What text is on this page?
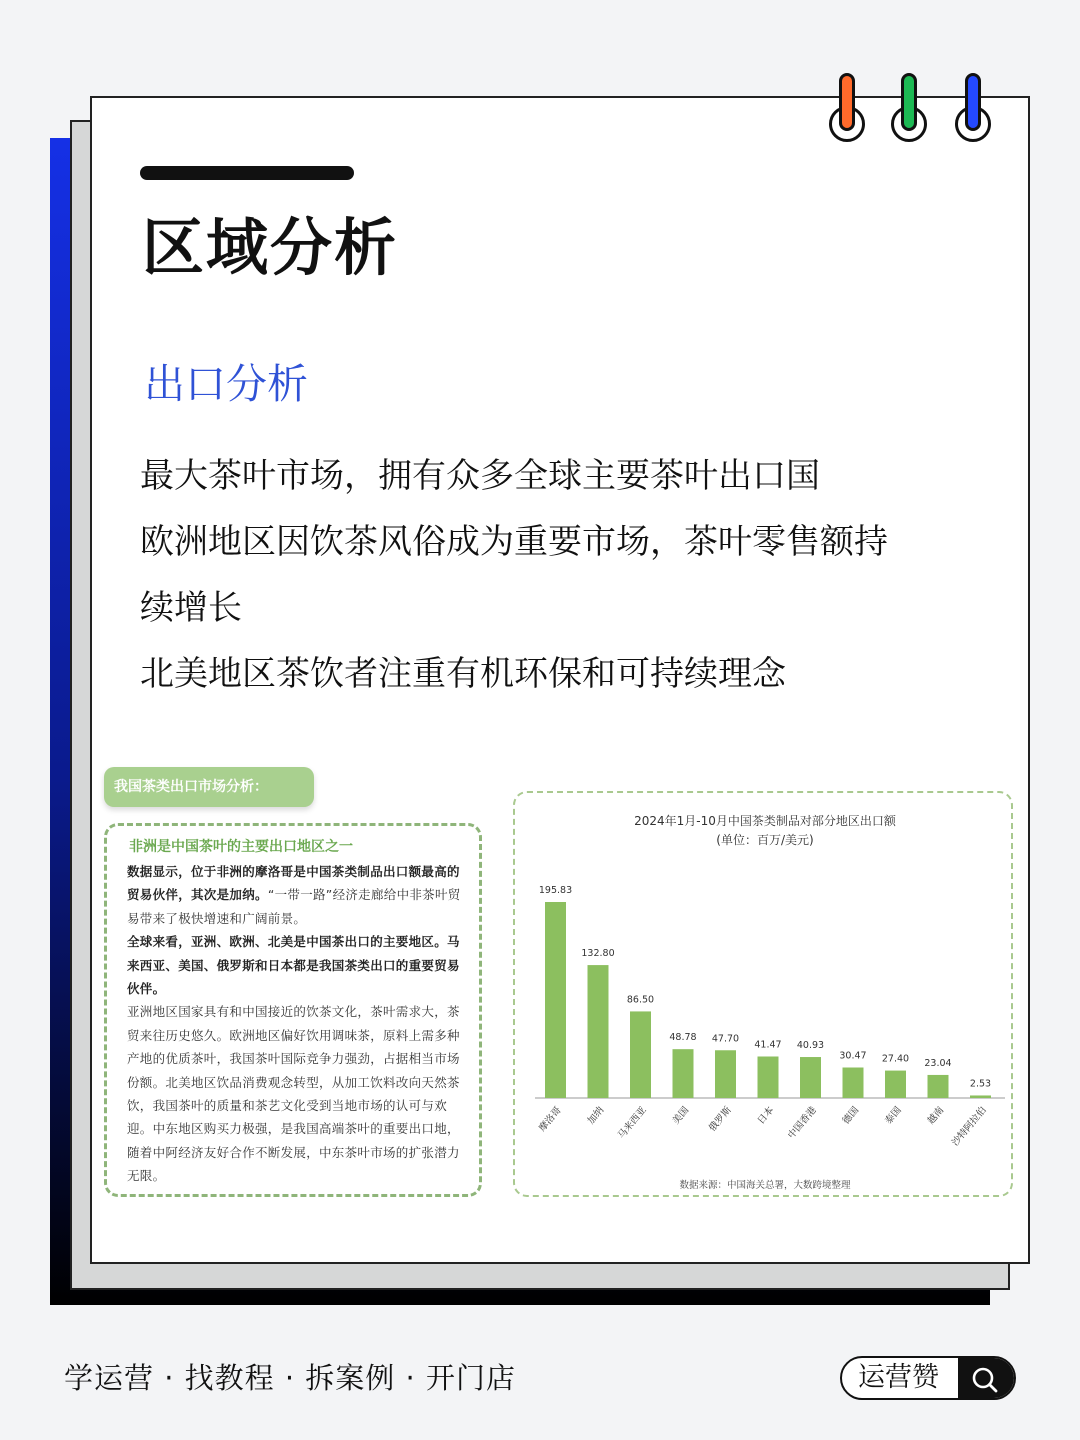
区域分析
出口分析
最大茶叶市场，拥有众多全球主要茶叶出口国
欧洲地区因饮茶风俗成为重要市场，茶叶零售额持
续增长
北美地区茶饮者注重有机环保和可持续理念
我国茶类出口市场分析：
非洲是中国茶叶的主要出口地区之一
数据显示，位于非洲的摩洛哥是中国茶类制品出口额最高的贸易伙伴，其次是加纳。“一带一路”经济走廊给中非茶叶贸易带来了极快增速和广阔前景。
全球来看，亚洲、欧洲、北美是中国茶出口的主要地区。马来西亚、美国、俄罗斯和日本都是我国茶类出口的重要贸易伙伴。
亚洲地区国家具有和中国接近的饮茶文化，茶叶需求大，茶贸来往历史悠久。欧洲地区偏好饮用调味茶，原料上需多种产地的优质茶叶，我国茶叶国际竞争力强劲，占据相当市场份额。北美地区饮品消费观念转型，从加工饮料改向天然茶饮，我国茶叶的质量和茶艺文化受到当地市场的认可与欢迎。中东地区购买力极强，是我国高端茶叶的重要出口地，随着中阿经济友好合作不断发展，中东茶叶市场的扩张潜力无限。
2024年1月-10月中国茶类制品对部分地区出口额
(单位：百万/美元)
195.83
摩洛哥
132.80
加纳
86.50
马来西亚
48.78
美国
47.70
俄罗斯
41.47
日本
40.93
中国香港
30.47
德国
27.40
泰国
23.04
越南
2.53
沙特阿拉伯
数据来源：中国海关总署，大数跨境整理
学运营 · 找教程 · 拆案例 · 开门店	运营赞
